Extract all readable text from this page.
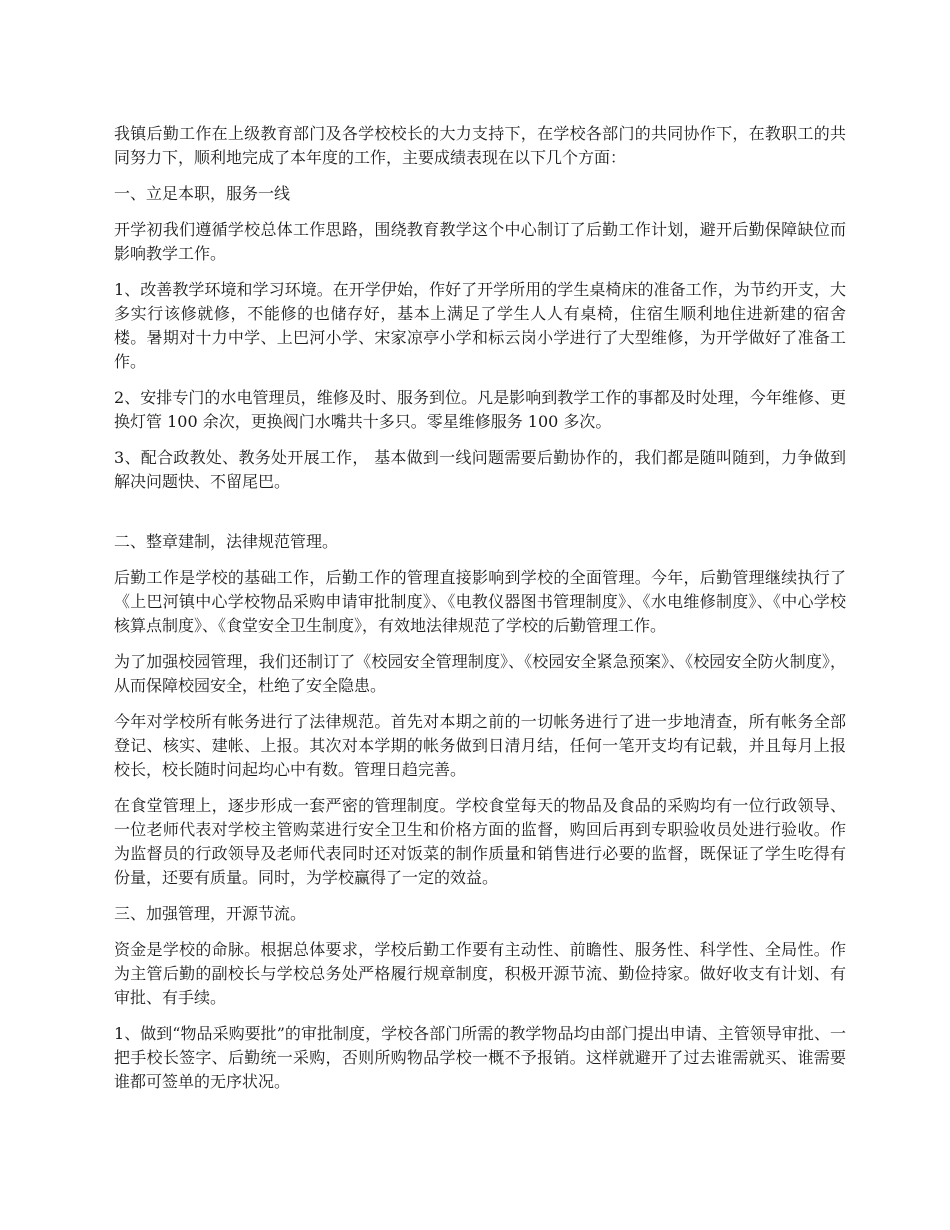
我镇后勤工作在上级教育部门及各学校校长的大力支持下，在学校各部门的共同协作下，在教职工的共同努力下，顺利地完成了本年度的工作，主要成绩表现在以下几个方面：

一、立足本职，服务一线

开学初我们遵循学校总体工作思路，围绕教育教学这个中心制订了后勤工作计划，避开后勤保障缺位而影响教学工作。

1、改善教学环境和学习环境。在开学伊始，作好了开学所用的学生桌椅床的准备工作，为节约开支，大多实行该修就修，不能修的也储存好，基本上满足了学生人人有桌椅，住宿生顺利地住进新建的宿舍楼。暑期对十力中学、上巴河小学、宋家凉亭小学和标云岗小学进行了大型维修，为开学做好了准备工作。

2、安排专门的水电管理员，维修及时、服务到位。凡是影响到教学工作的事都及时处理，今年维修、更换灯管 100 余次，更换阀门水嘴共十多只。零星维修服务 100 多次。

3、配合政教处、教务处开展工作， 基本做到一线问题需要后勤协作的，我们都是随叫随到，力争做到解决问题快、不留尾巴。

二、整章建制，法律规范管理。

后勤工作是学校的基础工作，后勤工作的管理直接影响到学校的全面管理。今年，后勤管理继续执行了《上巴河镇中心学校物品采购申请审批制度》、《电教仪器图书管理制度》、《水电维修制度》、《中心学校核算点制度》、《食堂安全卫生制度》，有效地法律规范了学校的后勤管理工作。

为了加强校园管理，我们还制订了《校园安全管理制度》、《校园安全紧急预案》、《校园安全防火制度》，从而保障校园安全，杜绝了安全隐患。

今年对学校所有帐务进行了法律规范。首先对本期之前的一切帐务进行了进一步地清查，所有帐务全部登记、核实、建帐、上报。其次对本学期的帐务做到日清月结，任何一笔开支均有记载，并且每月上报校长，校长随时问起均心中有数。管理日趋完善。

在食堂管理上，逐步形成一套严密的管理制度。学校食堂每天的物品及食品的采购均有一位行政领导、一位老师代表对学校主管购菜进行安全卫生和价格方面的监督，购回后再到专职验收员处进行验收。作为监督员的行政领导及老师代表同时还对饭菜的制作质量和销售进行必要的监督，既保证了学生吃得有份量，还要有质量。同时，为学校赢得了一定的效益。

三、加强管理，开源节流。

资金是学校的命脉。根据总体要求，学校后勤工作要有主动性、前瞻性、服务性、科学性、全局性。作为主管后勤的副校长与学校总务处严格履行规章制度，积极开源节流、勤俭持家。做好收支有计划、有审批、有手续。

1、做到“物品采购要批”的审批制度，学校各部门所需的教学物品均由部门提出申请、主管领导审批、一把手校长签字、后勤统一采购，否则所购物品学校一概不予报销。这样就避开了过去谁需就买、谁需要谁都可签单的无序状况。
